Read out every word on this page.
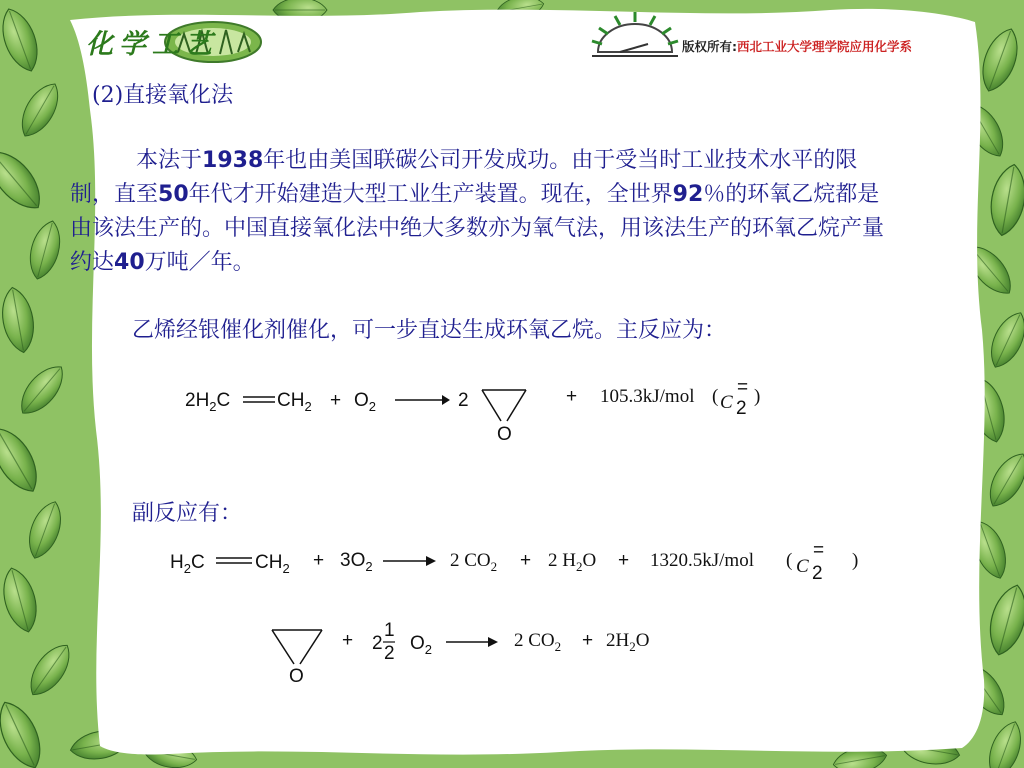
化学工艺	版权所有:西北工业大学理学院应用化学系
(2)直接氧化法
本法于1938年也由美国联碳公司开发成功。由于受当时工业技术水平的限制，直至50年代才开始建造大型工业生产装置。现在，全世界92％的环氧乙烷都是由该法生产的。中国直接氧化法中绝大多数亦为氧气法，用该法生产的环氧乙烷产量约达40万吨／年。
乙烯经银催化剂催化，可一步直达生成环氧乙烷。主反应为：
$2H_2C$ $CH_2 + O_2$	2
O
+ 105.3kJ/mol ( C 2
= )
副反应有：
$H_2C$	$CH_2 + 3O_2$	2 $CO_2 + 2$ $H_2O + 1320.5kJ/mol$ ( C 2
= )
O
+ 2
1
2 $O_2$	2 $CO_2 + 2H_2O$
